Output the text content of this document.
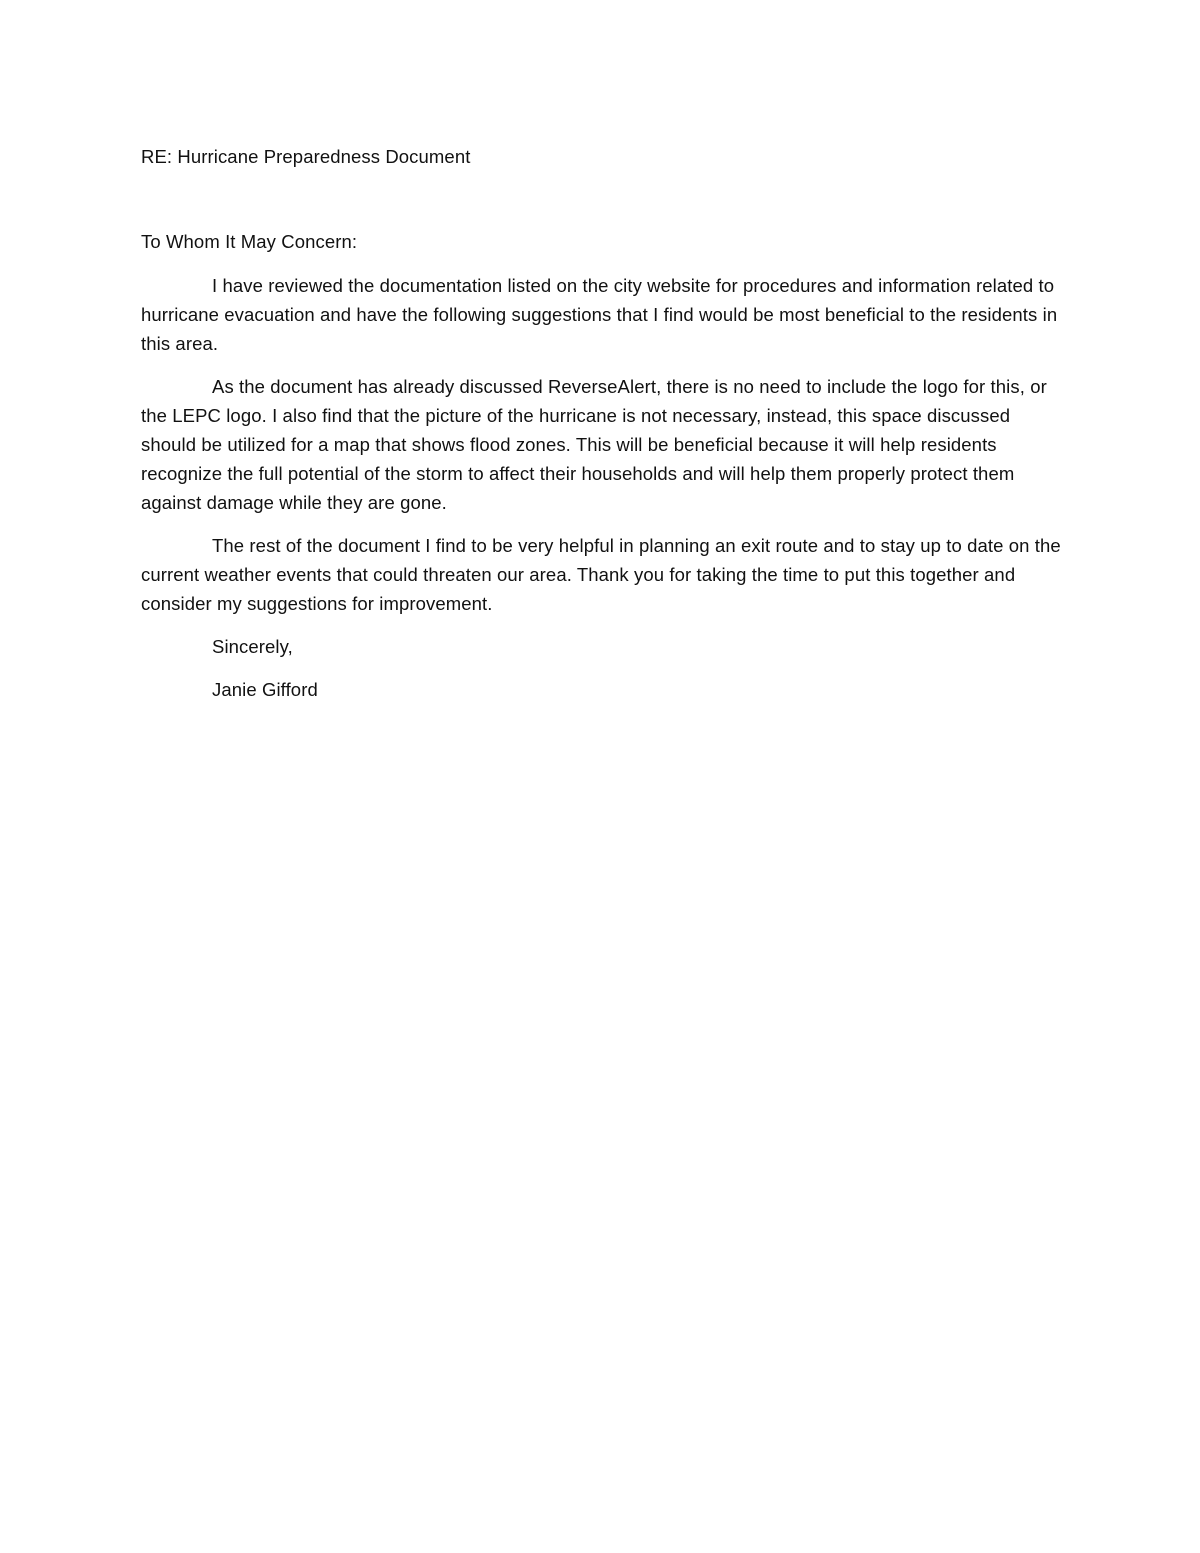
RE: Hurricane Preparedness Document

To Whom It May Concern:

I have reviewed the documentation listed on the city website for procedures and information related to hurricane evacuation and have the following suggestions that I find would be most beneficial to the residents in this area.

As the document has already discussed ReverseAlert, there is no need to include the logo for this, or the LEPC logo. I also find that the picture of the hurricane is not necessary, instead, this space discussed should be utilized for a map that shows flood zones. This will be beneficial because it will help residents recognize the full potential of the storm to affect their households and will help them properly protect them against damage while they are gone.

The rest of the document I find to be very helpful in planning an exit route and to stay up to date on the current weather events that could threaten our area. Thank you for taking the time to put this together and consider my suggestions for improvement.

Sincerely,

Janie Gifford
